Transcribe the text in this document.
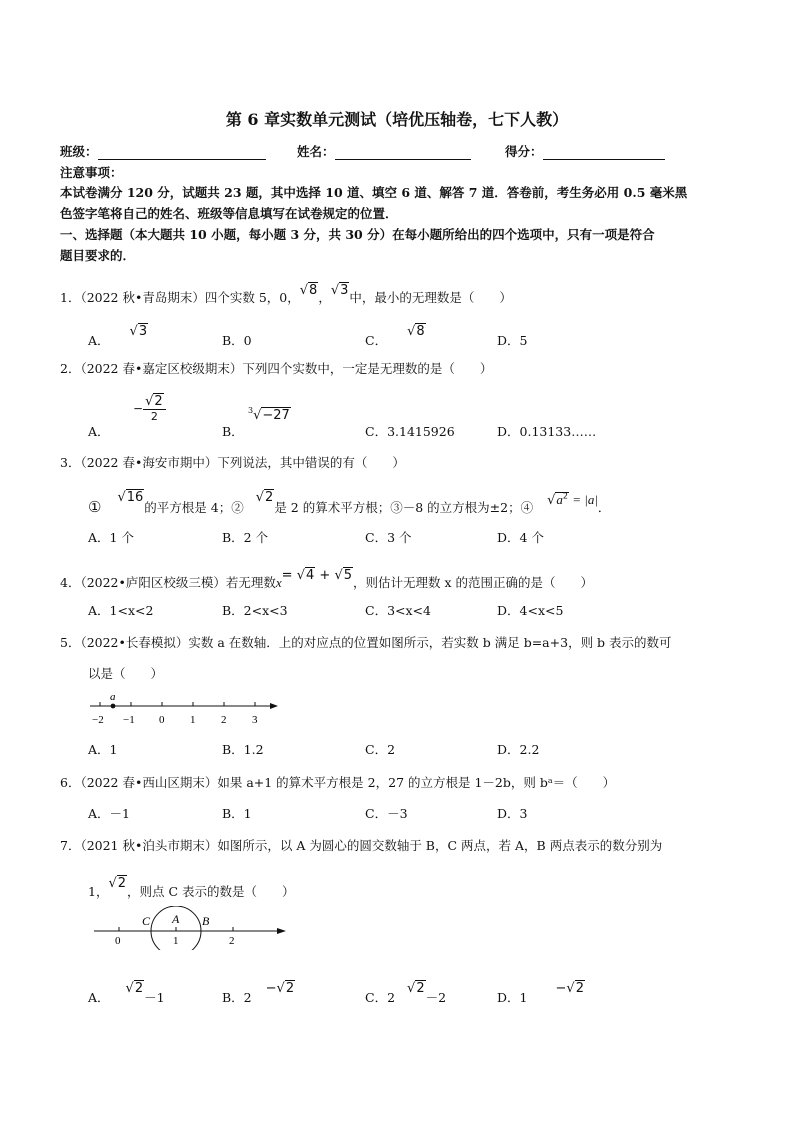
第 6 章实数单元测试（培优压轴卷，七下人教）
班级：	姓名：	得分：
注意事项：
本试卷满分 120 分，试题共 23 题，其中选择 10 道、填空 6 道、解答 7 道．答卷前，考生务必用 0.5 毫米黑
色签字笔将自己的姓名、班级等信息填写在试卷规定的位置．
一、选择题（本大题共 10 小题，每小题 3 分，共 30 分）在每小题所给出的四个选项中，只有一项是符合
题目要求的．
1．（2022 秋•青岛期末）四个实数 5，0，√8，√3中，最小的无理数是（　　）
A．√3
B．0	C．√8
D．5
2．（2022 春•嘉定区校级期末）下列四个实数中，一定是无理数的是（　　）
A．
− $\frac{√2}{2}$
B．
$^3$√−27
C．3.1415926	D．0.13133……
3．（2022 春•海安市期中）下列说法，其中错误的有（　　）
①√16的平方根是 4；②√2是 2 的算术平方根；③－8 的立方根为±2；④ $√a^2 = |a|$．
A．1 个	B．2 个	C．3 个	D．4 个
4．（2022•庐阳区校级三模）若无理数x= √4 + √5，则估计无理数 x 的范围正确的是（　　）
A．1<x<2	B．2<x<3	C．3<x<4	D．4<x<5
5．（2022•长春模拟）实数 a 在数轴．上的对应点的位置如图所示，若实数 b 满足 b=a+3，则 b 表示的数可
以是（　　）
−2 −1 0 1 2 3
a
A．1	B．1.2	C．2	D．2.2
6．（2022 春•西山区期末）如果 a+1 的算术平方根是 2，27 的立方根是 1－2b，则 bᵃ＝（　　）
A．－1	B．1	C．－3	D．3
7．（2021 秋•泊头市期末）如图所示，以 A 为圆心的圆交数轴于 B，C 两点，若 A，B 两点表示的数分别为
1，√2，则点 C 表示的数是（　　）
C A B
0	1	2
A．√2－1	B．2−√2
C．2√2－2	D．1−√2
